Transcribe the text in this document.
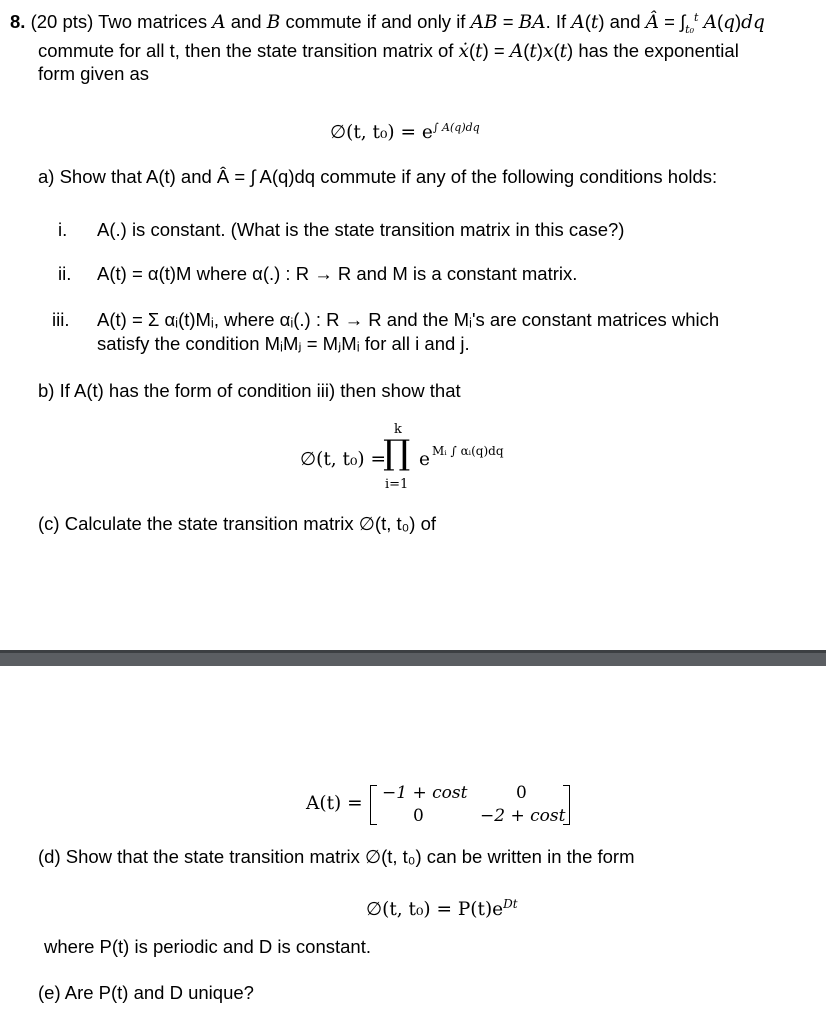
8. (20 pts) Two matrices A and B commute if and only if AB = BA. If A(t) and Â = $\int_{t_0}^t$ A(q)dq
commute for all t, then the state transition matrix of ẋ(t) = A(t)x(t) has the exponential
form given as
∅(t, $t_0) = e^{\int A(q)dq}$
a) Show that A(t) and Â = ∫ A(q)dq commute if any of the following conditions holds:
i. A(.) is constant. (What is the state transition matrix in this case?)
ii. A(t) = α(t)M where α(.) : R → R and M is a constant matrix.
iii. A(t) = Σ αᵢ(t)Mᵢ, where αᵢ(.) : R → R and the Mᵢ's are constant matrices which
satisfy the condition MᵢMⱼ = MⱼMᵢ for all i and j.
b) If A(t) has the form of condition iii) then show that
∅(t, t₀) =
k
∏
i=1
e Mᵢ ∫ αᵢ(q)dq
(c) Calculate the state transition matrix ∅(t, t₀) of
A(t) = −1 + cost	0
0	−2 + cost
(d) Show that the state transition matrix ∅(t, t₀) can be written in the form
∅(t, $t_0) = P(t)e^{Dt}$
where P(t) is periodic and D is constant.
(e) Are P(t) and D unique?
